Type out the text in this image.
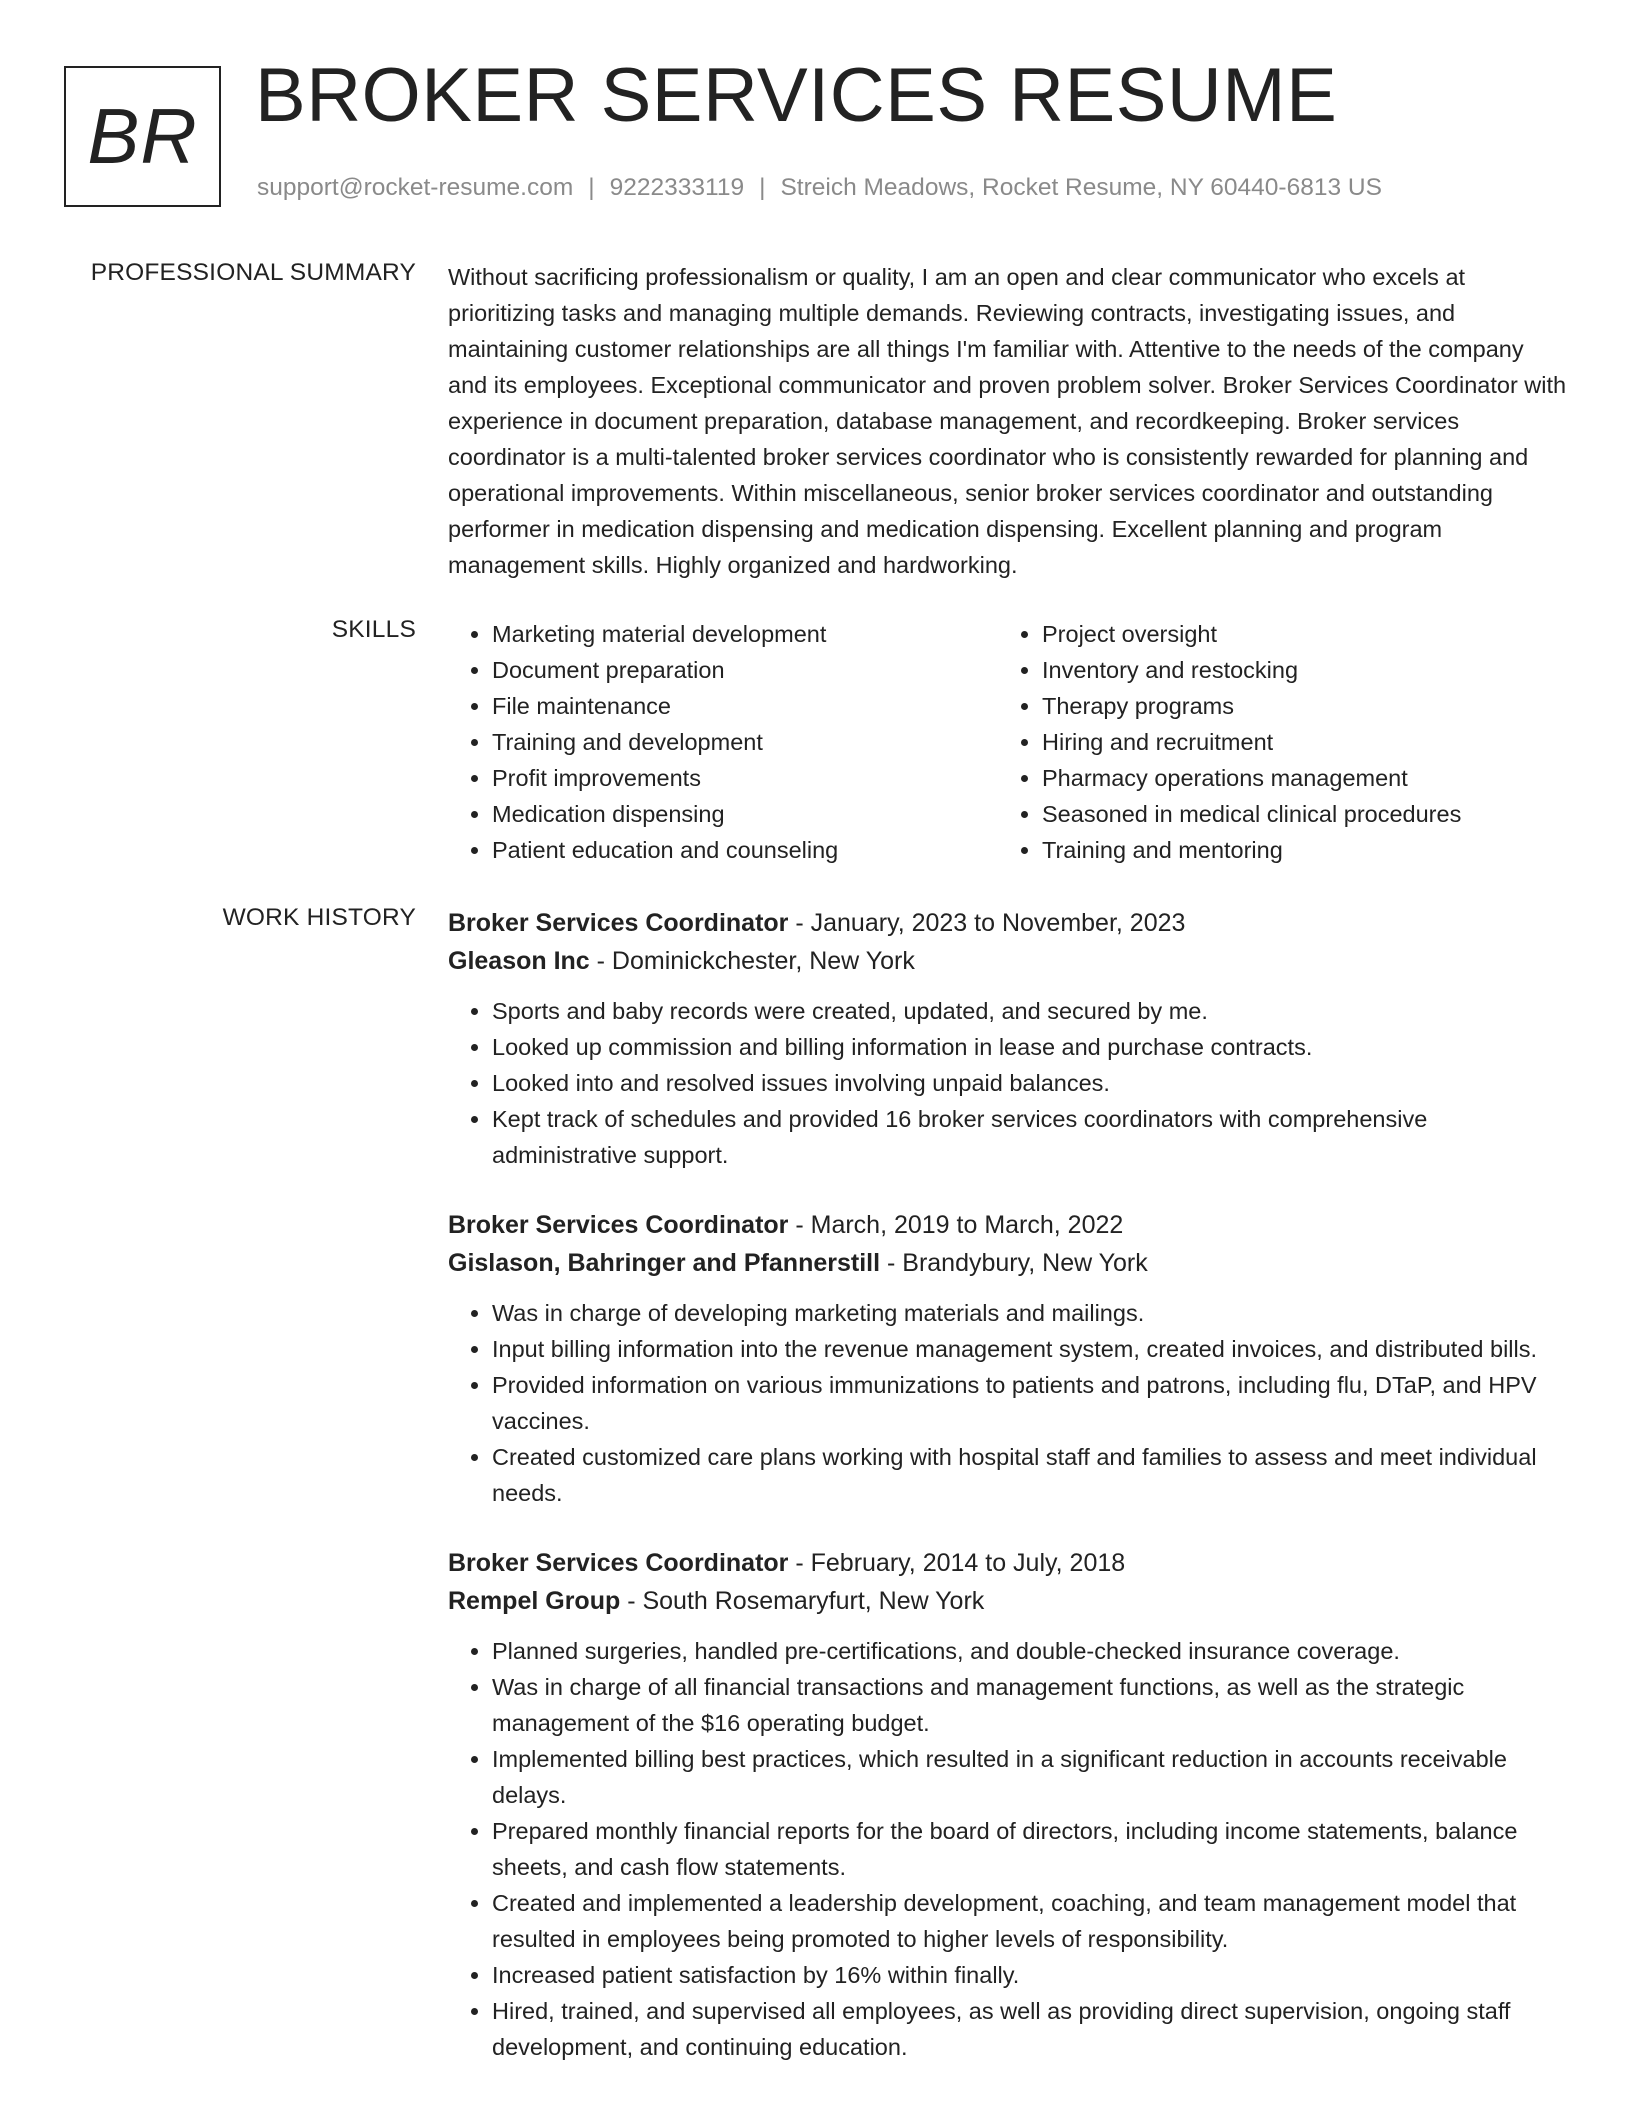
BR BROKER SERVICES RESUME
support@rocket-resume.com | 9222333119 | Streich Meadows, Rocket Resume, NY 60440-6813 US
PROFESSIONAL SUMMARY Without sacrificing professionalism or quality, I am an open and clear communicator who excels at prioritizing tasks and managing multiple demands. Reviewing contracts, investigating issues, and maintaining customer relationships are all things I'm familiar with. Attentive to the needs of the company and its employees. Exceptional communicator and proven problem solver. Broker Services Coordinator with experience in document preparation, database management, and recordkeeping. Broker services coordinator is a multi-talented broker services coordinator who is consistently rewarded for planning and operational improvements. Within miscellaneous, senior broker services coordinator and outstanding performer in medication dispensing and medication dispensing. Excellent planning and program management skills. Highly organized and hardworking.

SKILLS
•	Marketing material development
• Document preparation
• File maintenance
• Training and development
• Profit improvements
• Medication dispensing
• Patient education and counseling
• Project oversight
• Inventory and restocking
• Therapy programs
• Hiring and recruitment
• Pharmacy operations management
• Seasoned in medical clinical procedures
• Training and mentoring
WORK HISTORY Broker Services Coordinator - January, 2023 to November, 2023
Gleason Inc - Dominickchester, New York
• Sports and baby records were created, updated, and secured by me.
• Looked up commission and billing information in lease and purchase contracts.
• Looked into and resolved issues involving unpaid balances.
• Kept track of schedules and provided 16 broker services coordinators with comprehensive administrative support.
Broker Services Coordinator - March, 2019 to March, 2022
Gislason, Bahringer and Pfannerstill - Brandybury, New York
• Was in charge of developing marketing materials and mailings.
• Input billing information into the revenue management system, created invoices, and distributed bills.
• Provided information on various immunizations to patients and patrons, including flu, DTaP, and HPV vaccines.
• Created customized care plans working with hospital staff and families to assess and meet individual needs.
Broker Services Coordinator - February, 2014 to July, 2018
Rempel Group - South Rosemaryfurt, New York
• Planned surgeries, handled pre-certifications, and double-checked insurance coverage.
• Was in charge of all financial transactions and management functions, as well as the strategic management of the $16 operating budget.
• Implemented billing best practices, which resulted in a significant reduction in accounts receivable delays.
• Prepared monthly financial reports for the board of directors, including income statements, balance sheets, and cash flow statements.
• Created and implemented a leadership development, coaching, and team management model that resulted in employees being promoted to higher levels of responsibility.
• Increased patient satisfaction by 16% within finally.
• Hired, trained, and supervised all employees, as well as providing direct supervision, ongoing staff development, and continuing education.
